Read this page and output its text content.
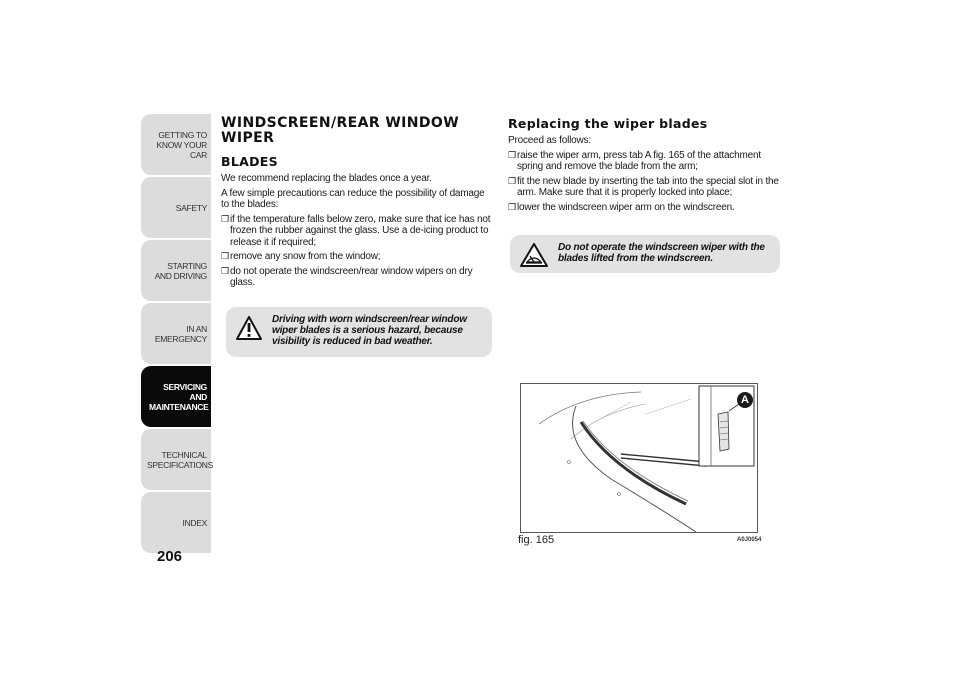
GETTING TO KNOW YOUR CAR
SAFETY
STARTING AND DRIVING
IN AN EMERGENCY
SERVICING AND MAINTENANCE
TECHNICAL SPECIFICATIONS
INDEX
206
WINDSCREEN/REAR WINDOW WIPER
BLADES

We recommend replacing the blades once a year.

A few simple precautions can reduce the possibility of damage to the blades:

❒if the temperature falls below zero, make sure that ice has not frozen the rubber against the glass. Use a de-icing product to release it if required;
❒remove any snow from the window;
❒do not operate the windscreen/rear window wipers on dry glass.
Driving with worn windscreen/rear window wiper blades is a serious hazard, because visibility is reduced in bad weather.
Replacing the wiper blades

Proceed as follows:

❒raise the wiper arm, press tab A fig. 165 of the attachment spring and remove the blade from the arm;
❒fit the new blade by inserting the tab into the special slot in the arm. Make sure that it is properly locked into place;
❒lower the windscreen wiper arm on the windscreen.
Do not operate the windscreen wiper with the blades lifted from the windscreen.
A
fig. 165	A0J0054
